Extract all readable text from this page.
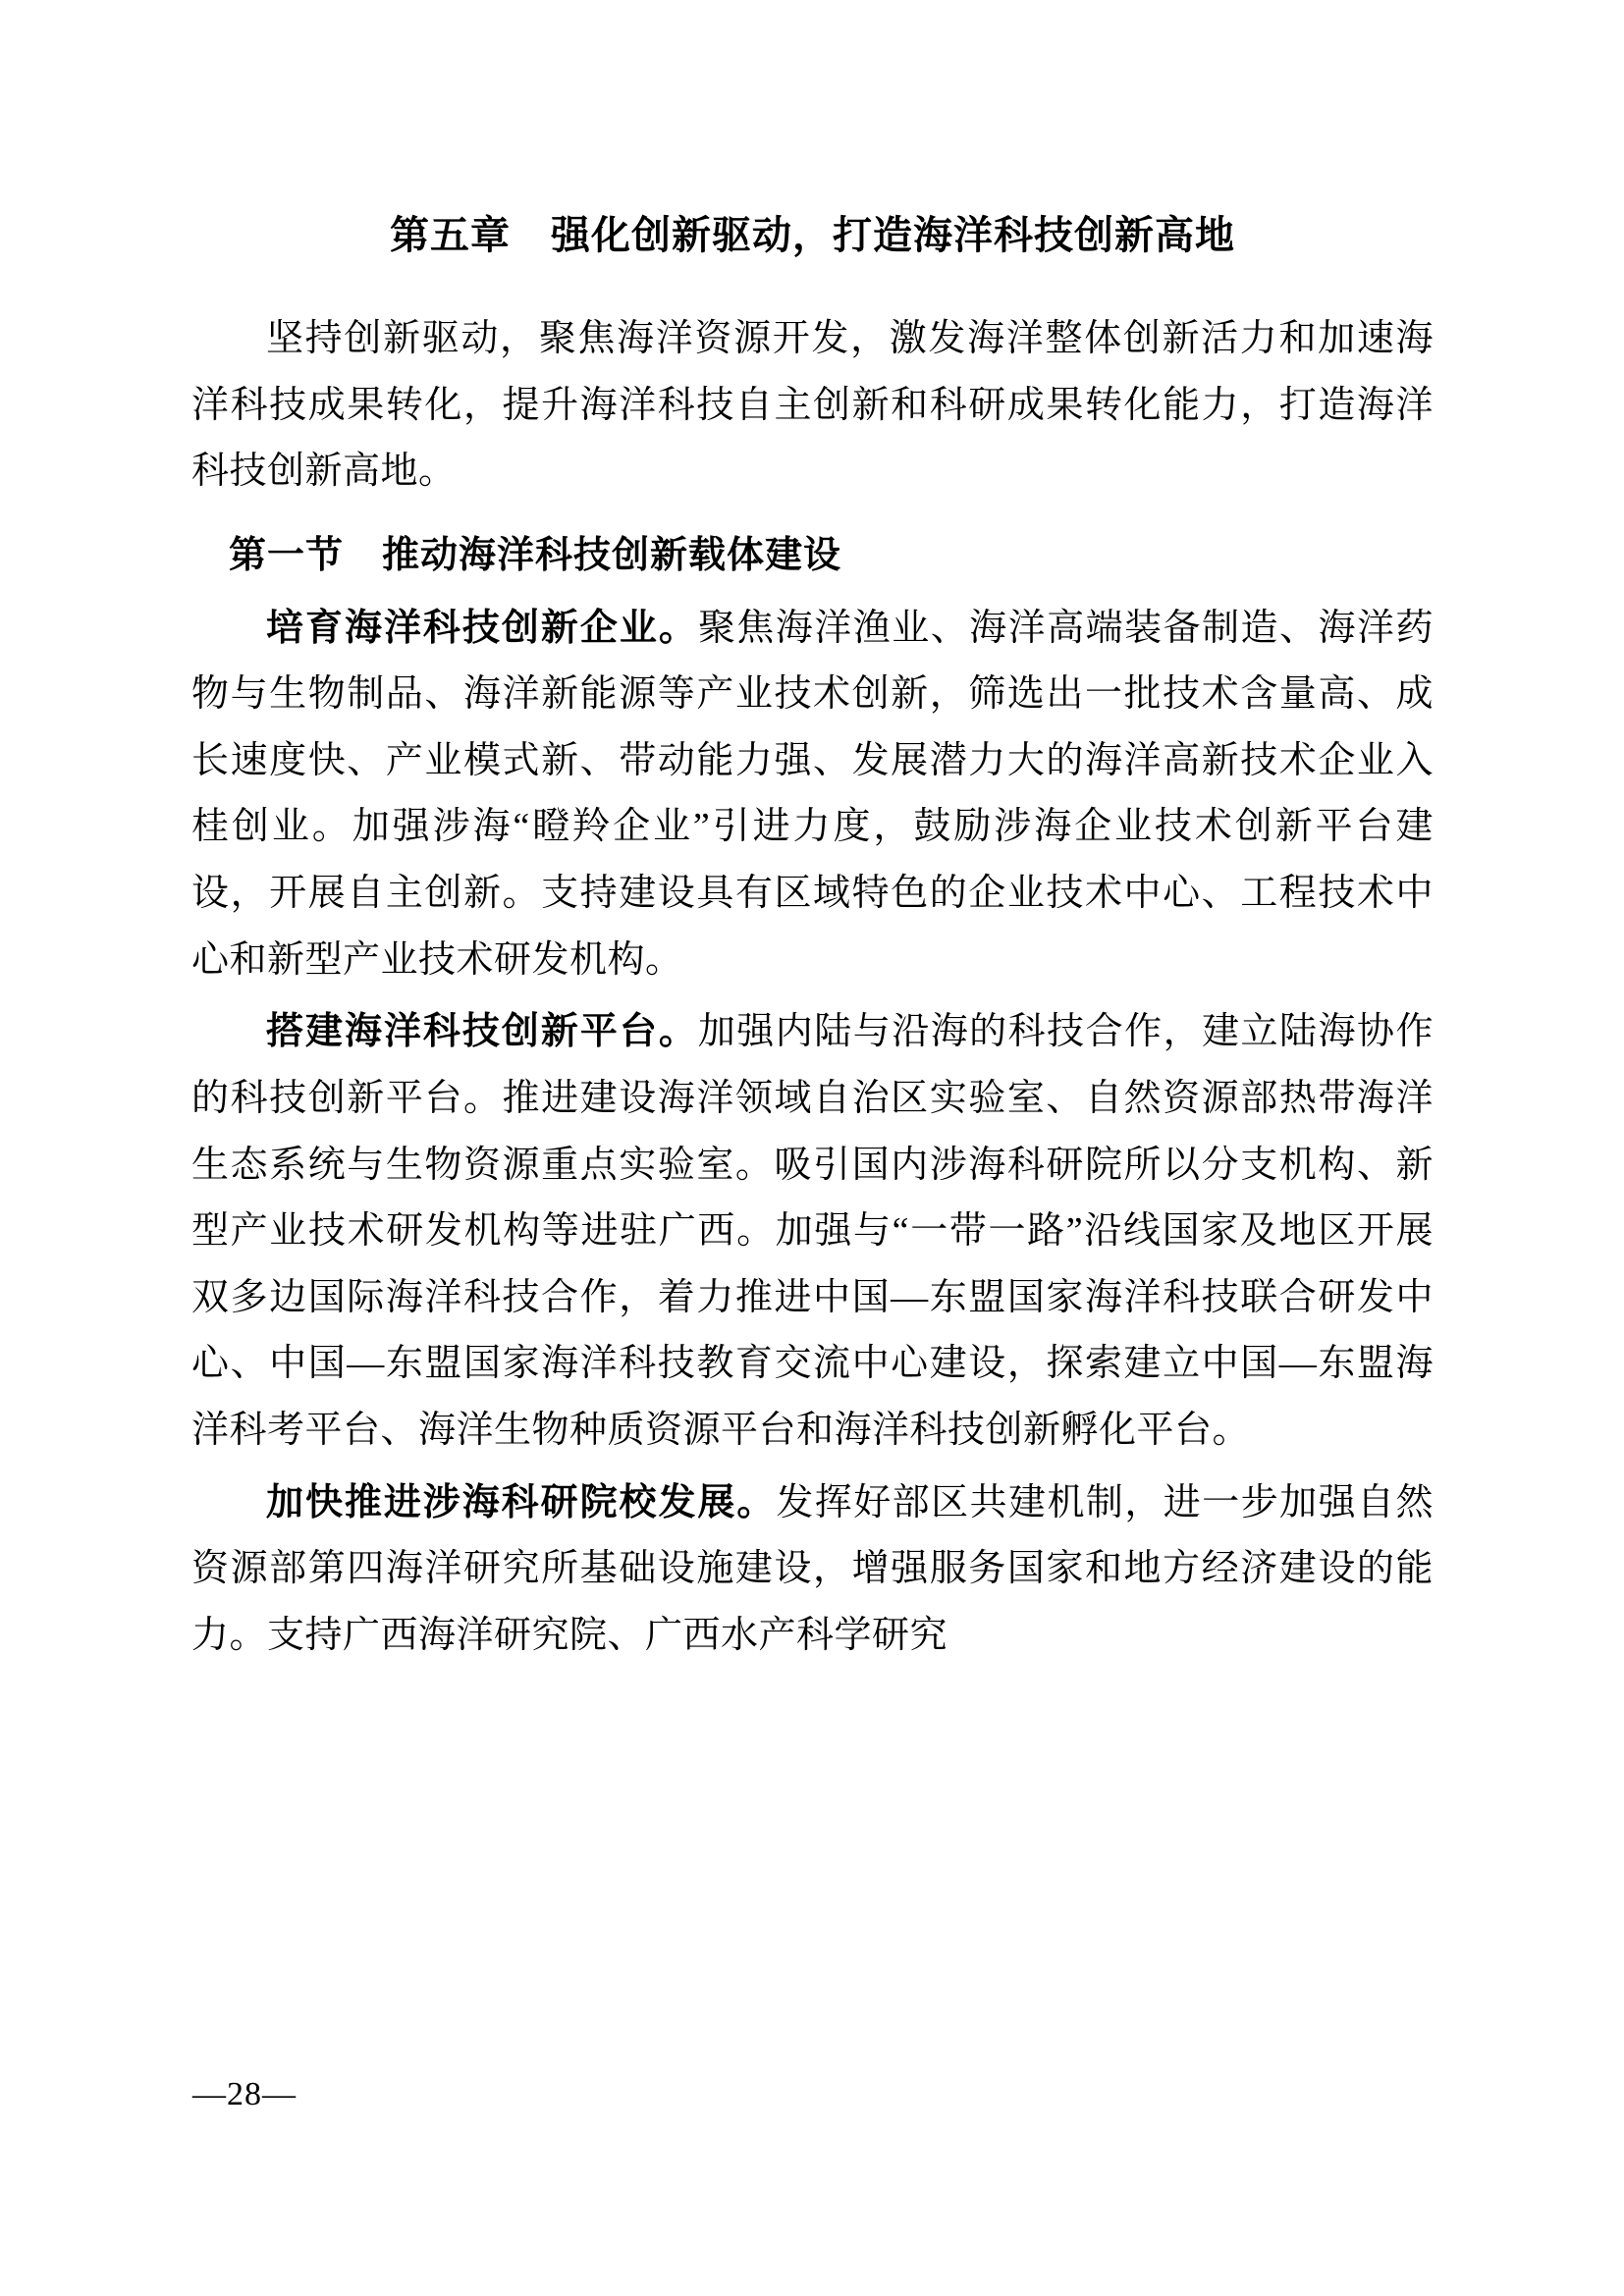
第五章　强化创新驱动，打造海洋科技创新高地

坚持创新驱动，聚焦海洋资源开发，激发海洋整体创新活力和加速海洋科技成果转化，提升海洋科技自主创新和科研成果转化能力，打造海洋科技创新高地。

第一节　推动海洋科技创新载体建设

培育海洋科技创新企业。聚焦海洋渔业、海洋高端装备制造、海洋药物与生物制品、海洋新能源等产业技术创新，筛选出一批技术含量高、成长速度快、产业模式新、带动能力强、发展潜力大的海洋高新技术企业入桂创业。加强涉海“瞪羚企业”引进力度，鼓励涉海企业技术创新平台建设，开展自主创新。支持建设具有区域特色的企业技术中心、工程技术中心和新型产业技术研发机构。

搭建海洋科技创新平台。加强内陆与沿海的科技合作，建立陆海协作的科技创新平台。推进建设海洋领域自治区实验室、自然资源部热带海洋生态系统与生物资源重点实验室。吸引国内涉海科研院所以分支机构、新型产业技术研发机构等进驻广西。加强与“一带一路”沿线国家及地区开展双多边国际海洋科技合作，着力推进中国—东盟国家海洋科技联合研发中心、中国—东盟国家海洋科技教育交流中心建设，探索建立中国—东盟海洋科考平台、海洋生物种质资源平台和海洋科技创新孵化平台。

加快推进涉海科研院校发展。发挥好部区共建机制，进一步加强自然资源部第四海洋研究所基础设施建设，增强服务国家和地方经济建设的能力。支持广西海洋研究院、广西水产科学研究

—28—
